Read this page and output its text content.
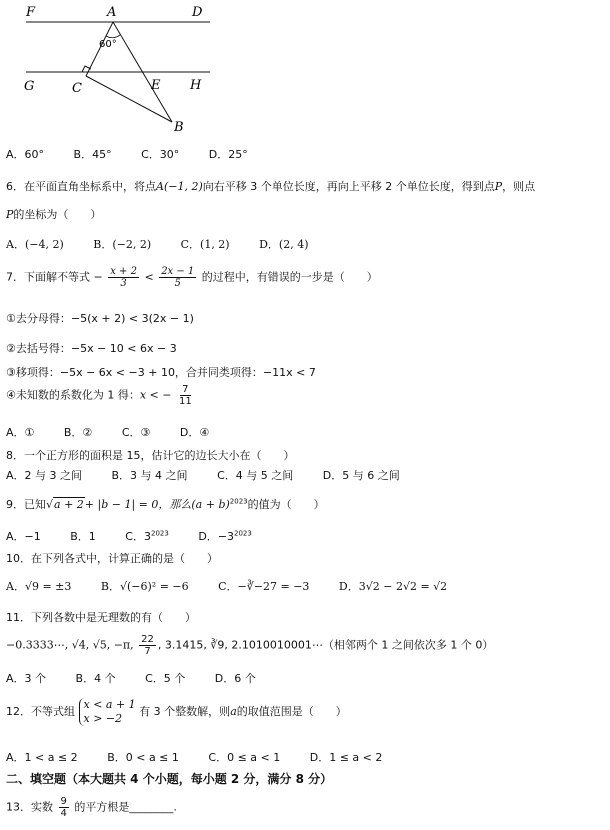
F	A	D
60°
G	C	E H
B
A．60°	B．45°	C．30°	D．25°
6．在平面直角坐标系中，将点A(−1, 2)向右平移 3 个单位长度，再向上平移 2 个单位长度，得到点P，则点
P的坐标为（　　）
A．(−4, 2)	B．(−2, 2)	C．(1, 2)	D．(2, 4)
7．下面解不等式 − $\frac{x + 2}{3} < \frac{2x - 1}{5}$ 的过程中，有错误的一步是（　　）
①去分母得：−5(x + 2) < 3(2x − 1)
②去括号得：−5x − 10 < 6x − 3
③移项得：−5x − 6x < −3 + 10，合并同类项得：−11x < 7
④未知数的系数化为 1 得：x < − $\frac{7}{11}$
A．①	B．②	C．③	D．④
8．一个正方形的面积是 15，估计它的边长大小在（　　）
A．2 与 3 之间	B．3 与 4 之间	C．4 与 5 之间	D．5 与 6 之间
9．已知√a + 2+ |b − 1| = 0，那么$(a + b)^{2023}$的值为（　　）
A．−1	B．1	C．$3^{2023}$	D．$-3^{2023}$
10．在下列各式中，计算正确的是（　　）
A．√9 = ±3	B．√(−6)² = −6	C．−∛−27 = −3	D．3√2 − 2√2 = √2
11．下列各数中是无理数的有（　　）
−0.3333⋯, √4, √5, −π, $\frac{22}{7}$ , 3.1415, ∛9, 2.1010010001⋯（相邻两个 1 之间依次多 1 个 0）
A．3 个	B．4 个	C．5 个	D．6 个
12．不等式组
x < a + 1
x > −2
有 3 个整数解，则a的取值范围是（　　）
A．1 < a ≤ 2	B．0 < a ≤ 1	C．0 ≤ a < 1	D．1 ≤ a < 2
二、填空题（本大题共 4 个小题，每小题 2 分，满分 8 分）
13．实数 $\frac{9}{4}$ 的平方根是________.
